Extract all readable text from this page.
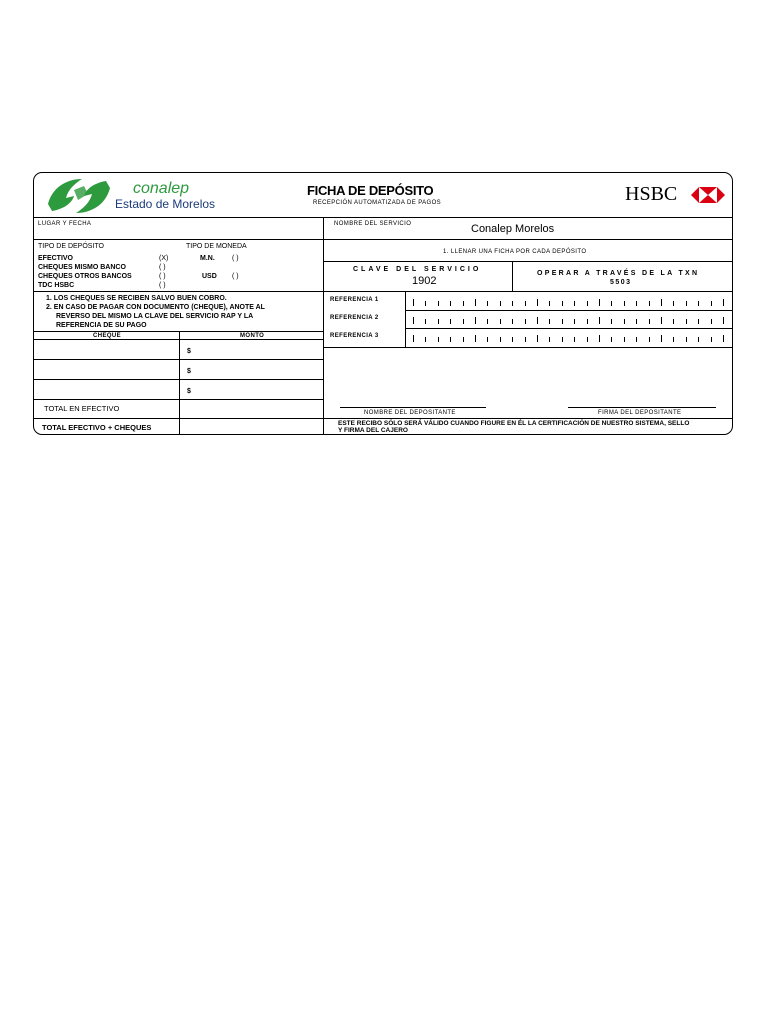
conalep
Estado de Morelos
FICHA DE DEPÓSITO
RECEPCIÓN AUTOMATIZADA DE PAGOS	HSBC
LUGAR Y FECHA
TIPO DE DEPÓSITO	TIPO DE MONEDA
EFECTIVO	(X)
CHEQUES MISMO BANCO	( )
CHEQUES OTROS BANCOS	( )
TDC HSBC	( )
M.N. ( )
USD ( )
1. LOS CHEQUES SE RECIBEN SALVO BUEN COBRO.
2. EN CASO DE PAGAR CON DOCUMENTO (CHEQUE), ANOTE AL
REVERSO DEL MISMO LA CLAVE DEL SERVICIO RAP Y LA
REFERENCIA DE SU PAGO
CHEQUE	MONTO
$
$
$
TOTAL EN EFECTIVO
TOTAL EFECTIVO + CHEQUES
NOMBRE DEL SERVICIO	Conalep Morelos
1. LLENAR UNA FICHA POR CADA DEPÓSITO
CLAVE DEL SERVICIO
1902
OPERAR A TRAVÉS DE LA TXN
5503
REFERENCIA 1
REFERENCIA 2
REFERENCIA 3
NOMBRE DEL DEPOSITANTE	FIRMA DEL DEPOSITANTE
ESTE RECIBO SÓLO SERÁ VÁLIDO CUANDO FIGURE EN ÉL LA CERTIFICACIÓN DE NUESTRO SISTEMA, SELLO
Y FIRMA DEL CAJERO
